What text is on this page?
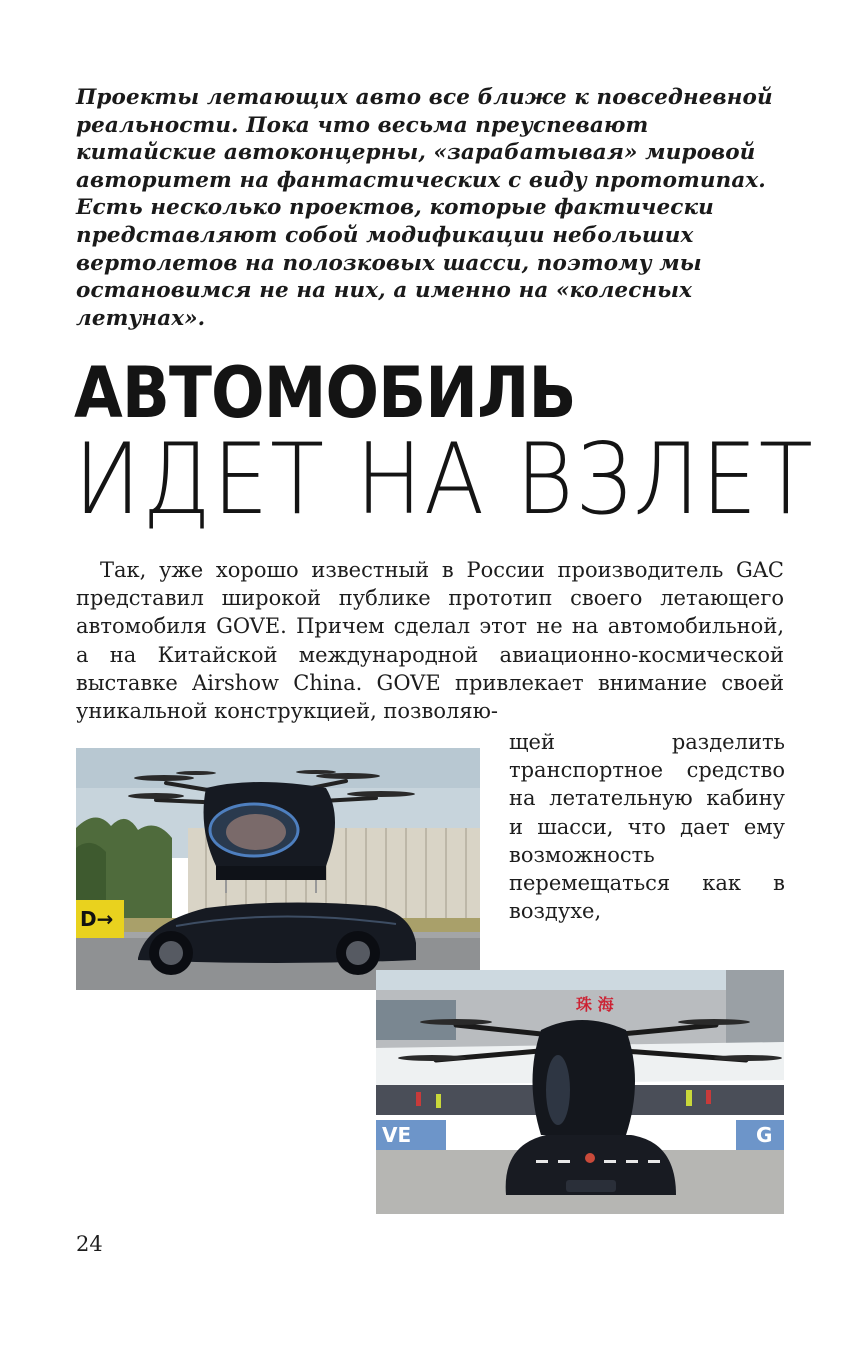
Проекты летающих авто все ближе к повседневной реальности. Пока что весьма преуспевают китайские автоконцерны, «зарабатывая» мировой авторитет на фантастических с виду прототипах. Есть несколько проектов, которые фактически представляют собой модификации небольших вертолетов на полозковых шасси, поэтому мы остановимся не на них, а именно на «колесных летунах».
АВТОМОБИЛЬ
ИДЕТ НА ВЗЛЕТ

Так, уже хорошо известный в России производитель GAC представил широкой публике прототип своего летающего автомобиля GOVE. Причем сделал этот не на автомобильной, а на Китайской международной авиационно-космической выставке Airshow China. GOVE привлекает внимание своей уникальной конструкцией, позволяю-

щей разделить транспортное средство на летательную кабину и шасси, что дает ему возможность перемещаться как в воздухе,
D→
珠 海
VE	G
24
